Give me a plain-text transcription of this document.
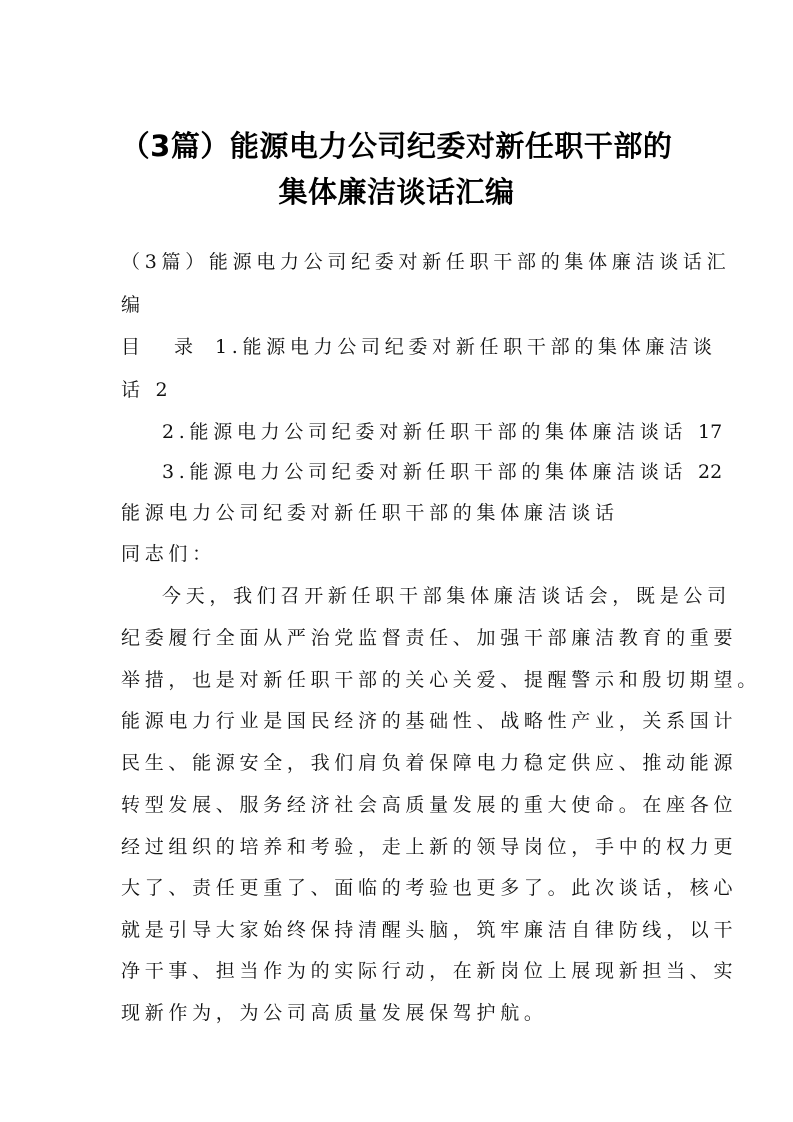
（3篇）能源电力公司纪委对新任职干部的
集体廉洁谈话汇编
（3篇）能源电力公司纪委对新任职干部的集体廉洁谈话汇
编
目 录 1.能源电力公司纪委对新任职干部的集体廉洁谈
话 2
2.能源电力公司纪委对新任职干部的集体廉洁谈话 17
3.能源电力公司纪委对新任职干部的集体廉洁谈话 22
能源电力公司纪委对新任职干部的集体廉洁谈话
同志们：
今天，我们召开新任职干部集体廉洁谈话会，既是公司
纪委履行全面从严治党监督责任、加强干部廉洁教育的重要
举措，也是对新任职干部的关心关爱、提醒警示和殷切期望。
能源电力行业是国民经济的基础性、战略性产业，关系国计
民生、能源安全，我们肩负着保障电力稳定供应、推动能源
转型发展、服务经济社会高质量发展的重大使命。在座各位
经过组织的培养和考验，走上新的领导岗位，手中的权力更
大了、责任更重了、面临的考验也更多了。此次谈话，核心
就是引导大家始终保持清醒头脑，筑牢廉洁自律防线，以干
净干事、担当作为的实际行动，在新岗位上展现新担当、实
现新作为，为公司高质量发展保驾护航。
